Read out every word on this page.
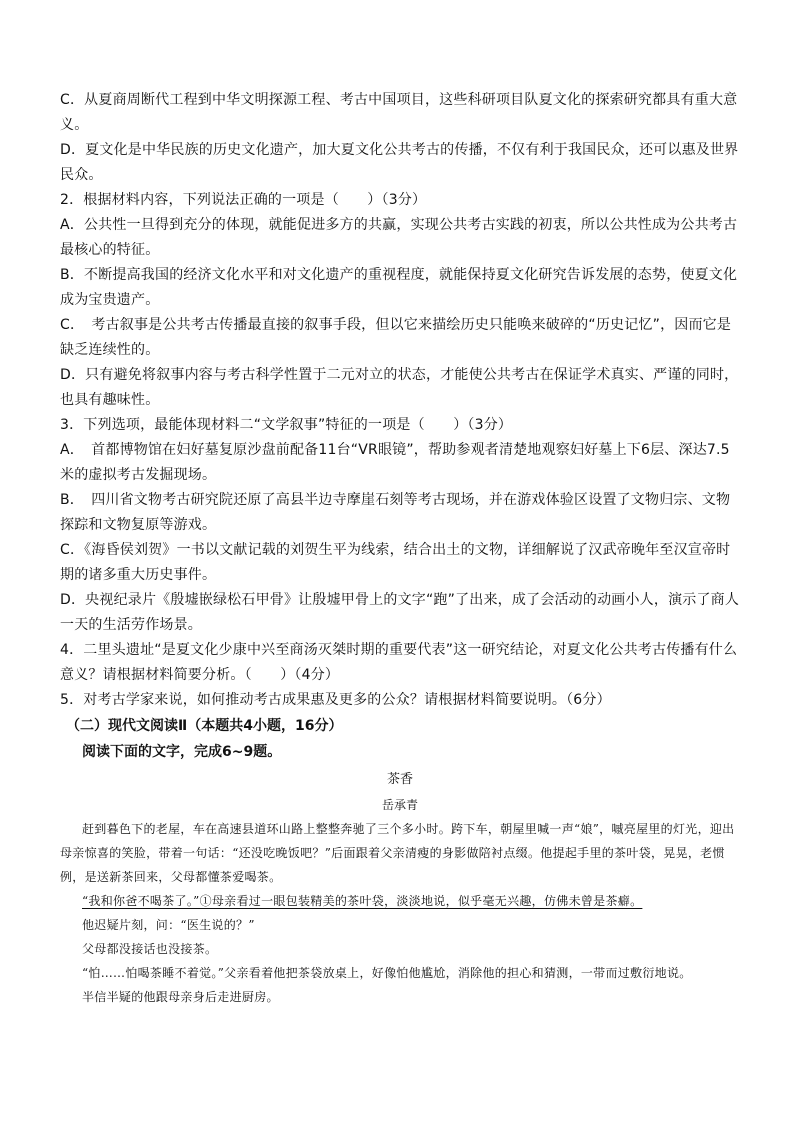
C．从夏商周断代工程到中华文明探源工程、考古中国项目，这些科研项目队夏文化的探索研究都具有重大意义。

D．夏文化是中华民族的历史文化遗产，加大夏文化公共考古的传播，不仅有利于我国民众，还可以惠及世界民众。

2．根据材料内容，下列说法正确的一项是（　　）（3分）

A．公共性一旦得到充分的体现，就能促进多方的共赢，实现公共考古实践的初衷，所以公共性成为公共考古最核心的特征。

B．不断提高我国的经济文化水平和对文化遗产的重视程度，就能保持夏文化研究告诉发展的态势，使夏文化成为宝贵遗产。

C．　考古叙事是公共考古传播最直接的叙事手段，但以它来描绘历史只能唤来破碎的“历史记忆”，因而它是缺乏连续性的。

D．只有避免将叙事内容与考古科学性置于二元对立的状态，才能使公共考古在保证学术真实、严谨的同时，也具有趣味性。

3．下列选项，最能体现材料二“文学叙事”特征的一项是（　　）（3分）

A．　首都博物馆在妇好墓复原沙盘前配备11台“VR眼镜”，帮助参观者清楚地观察妇好墓上下6层、深达7.5米的虚拟考古发掘现场。

B．　四川省文物考古研究院还原了高县半边寺摩崖石刻等考古现场，并在游戏体验区设置了文物归宗、文物探踪和文物复原等游戏。

C．《海昏侯刘贺》一书以文献记载的刘贺生平为线索，结合出土的文物，详细解说了汉武帝晚年至汉宣帝时期的诸多重大历史事件。

D．央视纪录片《殷墟嵌绿松石甲骨》让殷墟甲骨上的文字“跑”了出来，成了会活动的动画小人，演示了商人一天的生活劳作场景。

4．二里头遗址“是夏文化少康中兴至商汤灭桀时期的重要代表”这一研究结论，对夏文化公共考古传播有什么意义？请根据材料简要分析。（　　）（4分）

5．对考古学家来说，如何推动考古成果惠及更多的公众？请根据材料简要说明。（6分）

（二）现代文阅读Ⅱ（本题共4小题，16分）

阅读下面的文字，完成6~9题。

茶香

岳承青

赶到暮色下的老屋，车在高速县道环山路上整整奔驰了三个多小时。跨下车，朝屋里喊一声“娘”，嘁亮屋里的灯光，迎出母亲惊喜的笑脸，带着一句话：“还没吃晚饭吧？”后面跟着父亲清瘦的身影做陪衬点缀。他提起手里的茶叶袋，晃晃，老惯例，是送新茶回来，父母都懂茶爱喝茶。

“我和你爸不喝茶了。”①母亲看过一眼包装精美的茶叶袋，淡淡地说，似乎毫无兴趣，仿佛未曾是茶癖。

他迟疑片刻，问：“医生说的？”

父母都没接话也没接茶。

“怕……怕喝茶睡不着觉。”父亲看着他把茶袋放桌上，好像怕他尴尬，消除他的担心和猜测，一带而过敷衍地说。

半信半疑的他跟母亲身后走进厨房。
